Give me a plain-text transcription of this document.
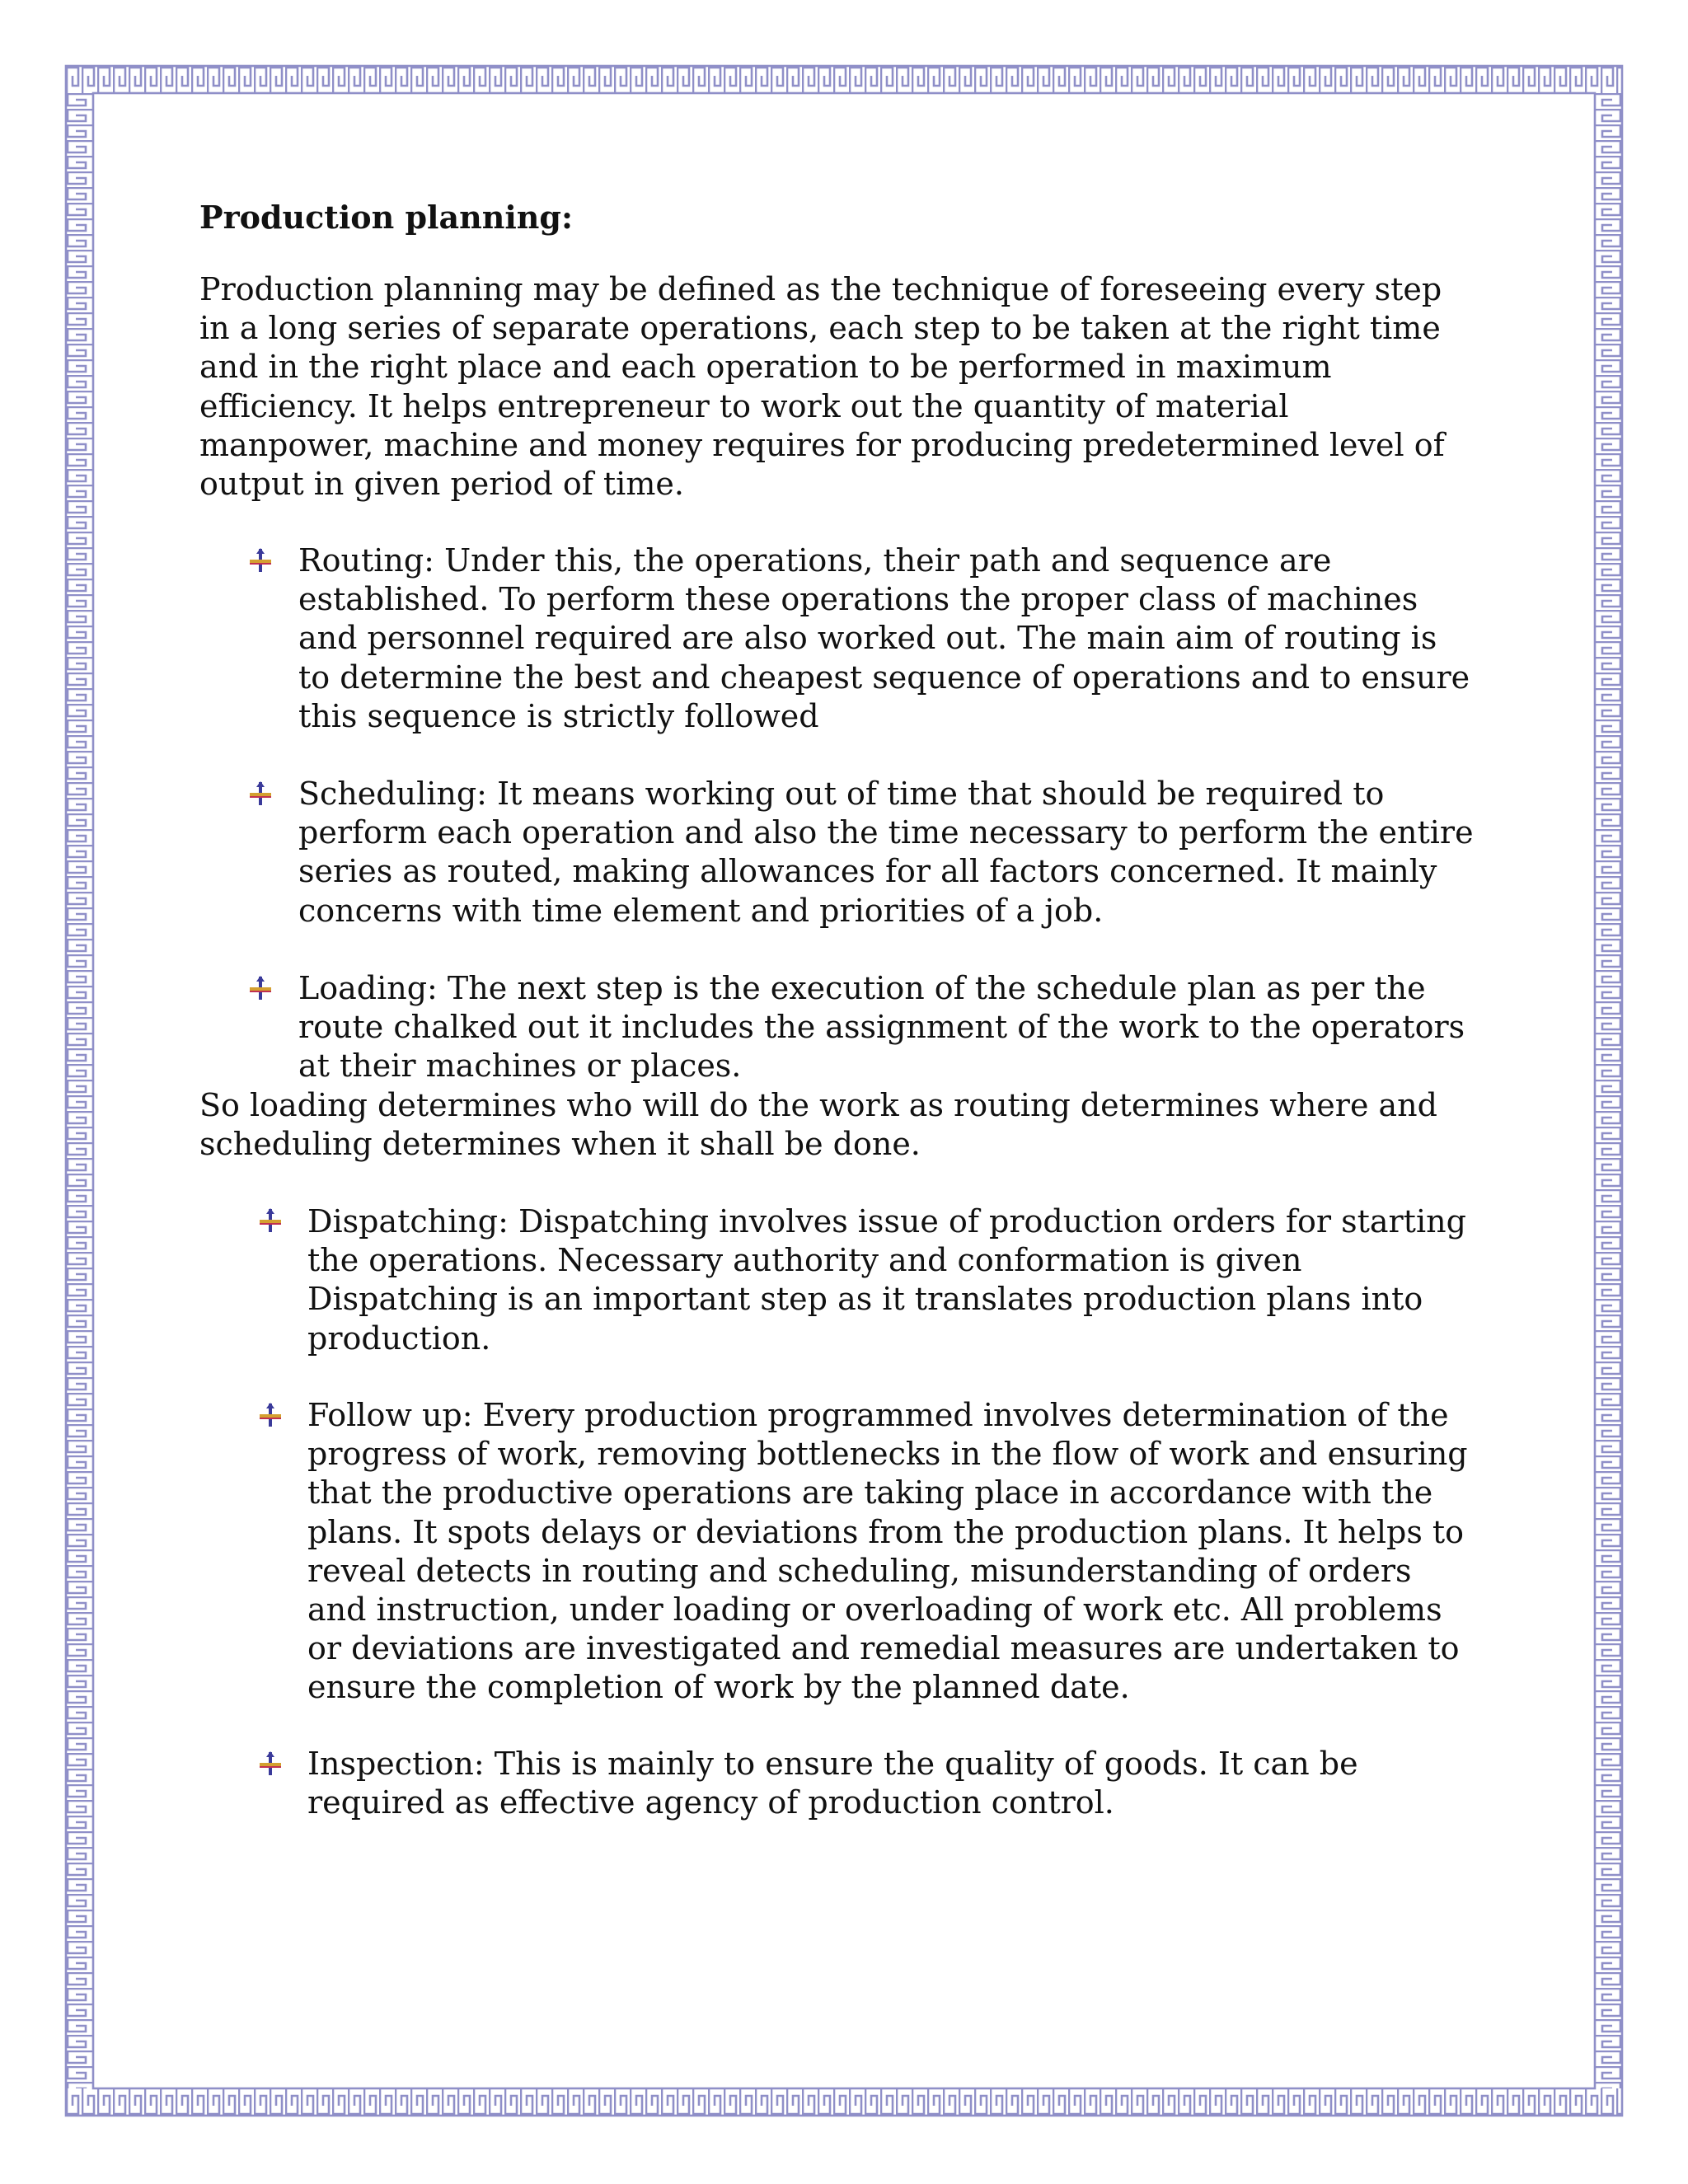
Production planning:

Production planning may be defined as the technique of foreseeing every step
in a long series of separate operations, each step to be taken at the right time
and in the right place and each operation to be performed in maximum
efficiency. It helps entrepreneur to work out the quantity of material
manpower, machine and money requires for producing predetermined level of
output in given period of time.

Routing: Under this, the operations, their path and sequence are
established. To perform these operations the proper class of machines
and personnel required are also worked out. The main aim of routing is
to determine the best and cheapest sequence of operations and to ensure
this sequence is strictly followed

Scheduling: It means working out of time that should be required to
perform each operation and also the time necessary to perform the entire
series as routed, making allowances for all factors concerned. It mainly
concerns with time element and priorities of a job.

Loading: The next step is the execution of the schedule plan as per the
route chalked out it includes the assignment of the work to the operators
at their machines or places.

So loading determines who will do the work as routing determines where and
scheduling determines when it shall be done.

Dispatching: Dispatching involves issue of production orders for starting
the operations. Necessary authority and conformation is given
Dispatching is an important step as it translates production plans into
production.

Follow up: Every production programmed involves determination of the
progress of work, removing bottlenecks in the flow of work and ensuring
that the productive operations are taking place in accordance with the
plans. It spots delays or deviations from the production plans. It helps to
reveal detects in routing and scheduling, misunderstanding of orders
and instruction, under loading or overloading of work etc. All problems
or deviations are investigated and remedial measures are undertaken to
ensure the completion of work by the planned date.

Inspection: This is mainly to ensure the quality of goods. It can be
required as effective agency of production control.
